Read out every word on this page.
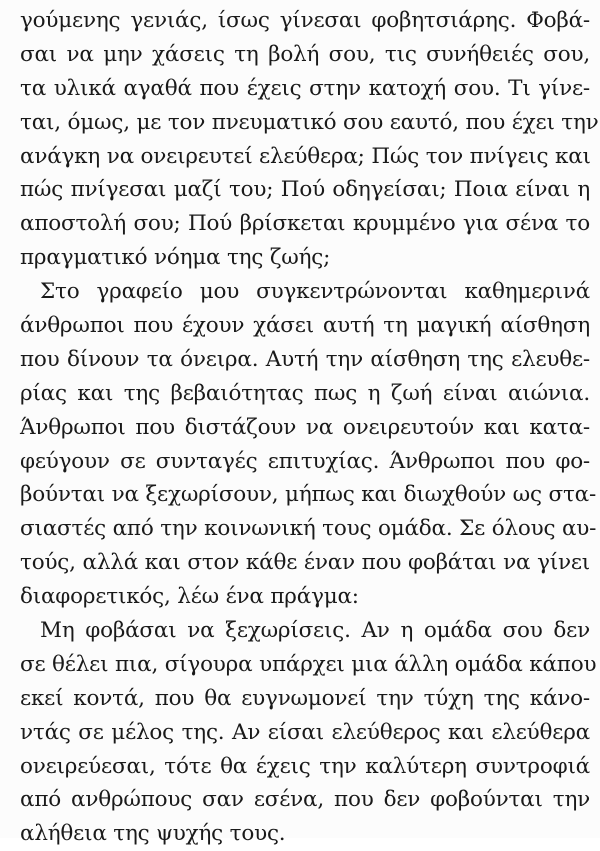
γούμενης γενιάς, ίσως γίνεσαι φοβητσιάρης. Φοβά-
σαι να μην χάσεις τη βολή σου, τις συνήθειές σου,
τα υλικά αγαθά που έχεις στην κατοχή σου. Τι γίνε-
ται, όμως, με τον πνευματικό σου εαυτό, που έχει την
ανάγκη να ονειρευτεί ελεύθερα; Πώς τον πνίγεις και
πώς πνίγεσαι μαζί του; Πού οδηγείσαι; Ποια είναι η
αποστολή σου; Πού βρίσκεται κρυμμένο για σένα το
πραγματικό νόημα της ζωής;
Στο γραφείο μου συγκεντρώνονται καθημερινά
άνθρωποι που έχουν χάσει αυτή τη μαγική αίσθηση
που δίνουν τα όνειρα. Αυτή την αίσθηση της ελευθε-
ρίας και της βεβαιότητας πως η ζωή είναι αιώνια.
Άνθρωποι που διστάζουν να ονειρευτούν και κατα-
φεύγουν σε συνταγές επιτυχίας. Άνθρωποι που φο-
βούνται να ξεχωρίσουν, μήπως και διωχθούν ως στα-
σιαστές από την κοινωνική τους ομάδα. Σε όλους αυ-
τούς, αλλά και στον κάθε έναν που φοβάται να γίνει
διαφορετικός, λέω ένα πράγμα:
Μη φοβάσαι να ξεχωρίσεις. Αν η ομάδα σου δεν
σε θέλει πια, σίγουρα υπάρχει μια άλλη ομάδα κάπου
εκεί κοντά, που θα ευγνωμονεί την τύχη της κάνο-
ντάς σε μέλος της. Αν είσαι ελεύθερος και ελεύθερα
ονειρεύεσαι, τότε θα έχεις την καλύτερη συντροφιά
από ανθρώπους σαν εσένα, που δεν φοβούνται την
αλήθεια της ψυχής τους.
